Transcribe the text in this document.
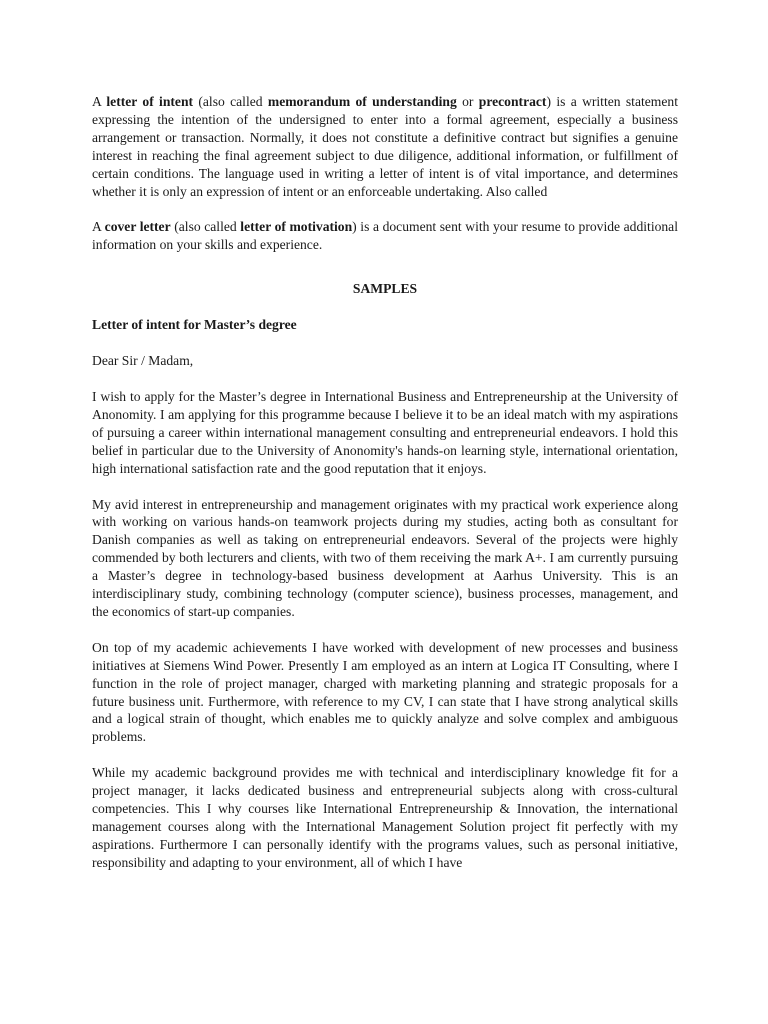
A letter of intent (also called memorandum of understanding or precontract) is a written statement expressing the intention of the undersigned to enter into a formal agreement, especially a business arrangement or transaction. Normally, it does not constitute a definitive contract but signifies a genuine interest in reaching the final agreement subject to due diligence, additional information, or fulfillment of certain conditions. The language used in writing a letter of intent is of vital importance, and determines whether it is only an expression of intent or an enforceable undertaking. Also called

A cover letter (also called letter of motivation) is a document sent with your resume to provide additional information on your skills and experience.

SAMPLES
Letter of intent for Master’s degree

Dear Sir / Madam,

I wish to apply for the Master’s degree in International Business and Entrepreneurship at the University of Anonomity. I am applying for this programme because I believe it to be an ideal match with my aspirations of pursuing a career within international management consulting and entrepreneurial endeavors. I hold this belief in particular due to the University of Anonomity's hands-on learning style, international orientation, high international satisfaction rate and the good reputation that it enjoys.

My avid interest in entrepreneurship and management originates with my practical work experience along with working on various hands-on teamwork projects during my studies, acting both as consultant for Danish companies as well as taking on entrepreneurial endeavors. Several of the projects were highly commended by both lecturers and clients, with two of them receiving the mark A+. I am currently pursuing a Master’s degree in technology-based business development at Aarhus University. This is an interdisciplinary study, combining technology (computer science), business processes, management, and the economics of start-up companies.

On top of my academic achievements I have worked with development of new processes and business initiatives at Siemens Wind Power. Presently I am employed as an intern at Logica IT Consulting, where I function in the role of project manager, charged with marketing planning and strategic proposals for a future business unit. Furthermore, with reference to my CV, I can state that I have strong analytical skills and a logical strain of thought, which enables me to quickly analyze and solve complex and ambiguous problems.

While my academic background provides me with technical and interdisciplinary knowledge fit for a project manager, it lacks dedicated business and entrepreneurial subjects along with cross-cultural competencies. This I why courses like International Entrepreneurship & Innovation, the international management courses along with the International Management Solution project fit perfectly with my aspirations. Furthermore I can personally identify with the programs values, such as personal initiative, responsibility and adapting to your environment, all of which I have
